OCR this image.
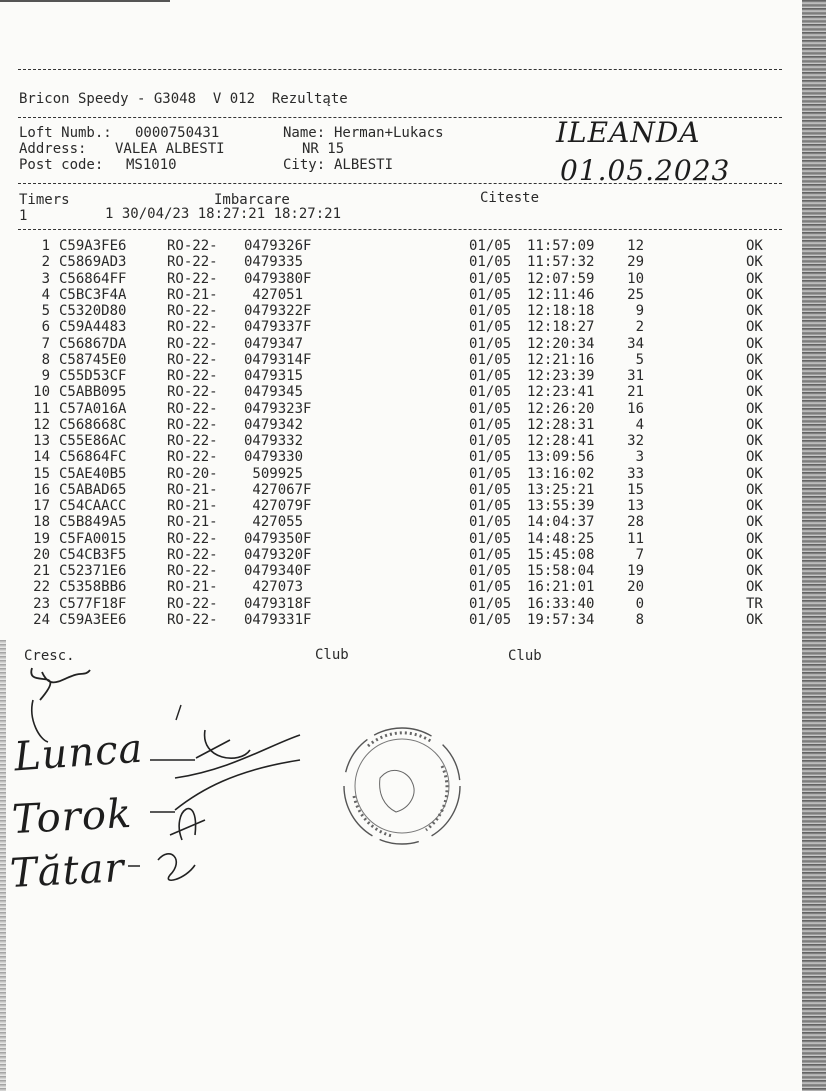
Bricon Speedy - G3048  V 012  Rezultąte
Loft Numb.: 0000750431	Name: Herman+Lukacs
Address: VALEA ALBESTI	NR 15
Post code: MS1010	City: ALBESTI
ILEANDA
01.05.2023
Timers	Imbarcare	Citeste
1	1 30/04/23 18:27:21 18:27:21
1 C59A3FE6	RO-22- 0479326F	01/05 11:57:09 12	OK
2 C5869AD3	RO-22- 0479335	01/05 11:57:32 29	OK
3 C56864FF	RO-22- 0479380F	01/05 12:07:59 10	OK
4 C5BC3F4A	RO-21- 427051	01/05 12:11:46 25	OK
5 C5320D80	RO-22- 0479322F	01/05 12:18:18	9	OK
6 C59A4483	RO-22- 0479337F	01/05 12:18:27	2	OK
7 C56867DA	RO-22- 0479347	01/05 12:20:34 34	OK
8 C58745E0	RO-22- 0479314F	01/05 12:21:16	5	OK
9 C55D53CF	RO-22- 0479315	01/05 12:23:39 31	OK
10 C5ABB095	RO-22- 0479345	01/05 12:23:41 21	OK
11 C57A016A	RO-22- 0479323F	01/05 12:26:20 16	OK
12 C568668C	RO-22- 0479342	01/05 12:28:31	4	OK
13 C55E86AC	RO-22- 0479332	01/05 12:28:41 32	OK
14 C56864FC	RO-22- 0479330	01/05 13:09:56	3	OK
15 C5AE40B5	RO-20- 509925	01/05 13:16:02 33	OK
16 C5ABAD65	RO-21- 427067F	01/05 13:25:21 15	OK
17 C54CAACC	RO-21- 427079F	01/05 13:55:39 13	OK
18 C5B849A5	RO-21- 427055	01/05 14:04:37 28	OK
19 C5FA0015	RO-22- 0479350F	01/05 14:48:25 11	OK
20 C54CB3F5	RO-22- 0479320F	01/05 15:45:08	7	OK
21 C52371E6	RO-22- 0479340F	01/05 15:58:04 19	OK
22 C5358BB6	RO-21- 427073	01/05 16:21:01 20	OK
23 C577F18F	RO-22- 0479318F	01/05 16:33:40	0	TR
24 C59A3EE6	RO-22- 0479331F	01/05 19:57:34	8	OK
Cresc.	Club	Club
Lunca
Torok
Tătar
